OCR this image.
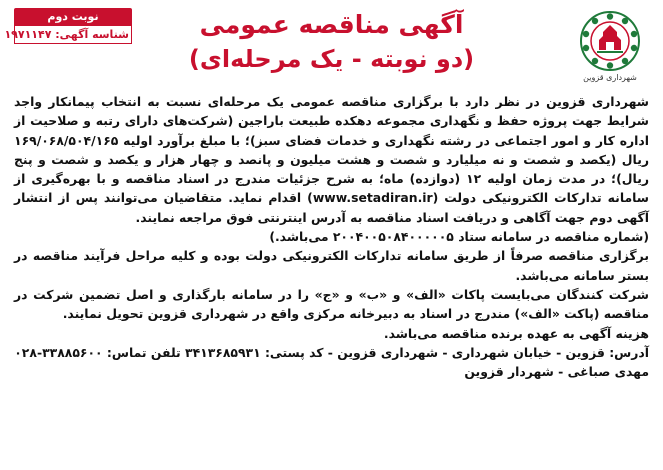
نوبت دوم
شناسه آگهی: ۱۹۷۱۱۴۷	آگهی مناقصه عمومی
(دو نوبته - یک مرحله‌ای)
شهرداری قزوین

شهرداری قزوین در نظر دارد با برگزاری مناقصه عمومی یک مرحله‌ای نسبت به انتخاب پیمانکار واجد شرایط جهت پروژه حفظ و نگهداری مجموعه دهکده طبیعت باراجین (شرکت‌های دارای رتبه و صلاحیت از اداره کار و امور اجتماعی در رشته نگهداری و خدمات فضای سبز)؛ با مبلغ برآورد اولیه ۱۶۹/۰۶۸/۵۰۴/۱۶۵ ریال (یکصد و شصت و نه میلیارد و شصت و هشت میلیون و پانصد و چهار هزار و یکصد و شصت و پنج ریال)؛ در مدت زمان اولیه ۱۲ (دوازده) ماه؛ به شرح جزئیات مندرج در اسناد مناقصه و با بهره‌گیری از سامانه تدارکات الکترونیکی دولت (www.setadiran.ir) اقدام نماید. متقاضیان می‌توانند پس از انتشار آگهی دوم جهت آگاهی و دریافت اسناد مناقصه به آدرس اینترنتی فوق مراجعه نمایند.

(شماره مناقصه در سامانه ستاد ۲۰۰۴۰۰۵۰۸۴۰۰۰۰۰۵ می‌باشد.)

برگزاری مناقصه صرفاً از طریق سامانه تدارکات الکترونیکی دولت بوده و کلیه مراحل فرآیند مناقصه در بستر سامانه می‌باشد.

شرکت کنندگان می‌بایست پاکات «الف» و «ب» و «ج» را در سامانه بارگذاری و اصل تضمین شرکت در مناقصه (پاکت «الف») مندرج در اسناد به دبیرخانه مرکزی واقع در شهرداری قزوین تحویل نمایند.

هزینه آگهی به عهده برنده مناقصه می‌باشد.

آدرس: قزوین - خیابان شهرداری - شهرداری قزوین - کد پستی: ۳۴۱۳۶۸۵۹۳۱ تلفن تماس: ۳۳۸۸۵۶۰۰-۰۲۸

مهدی صباغی - شهردار قزوین
